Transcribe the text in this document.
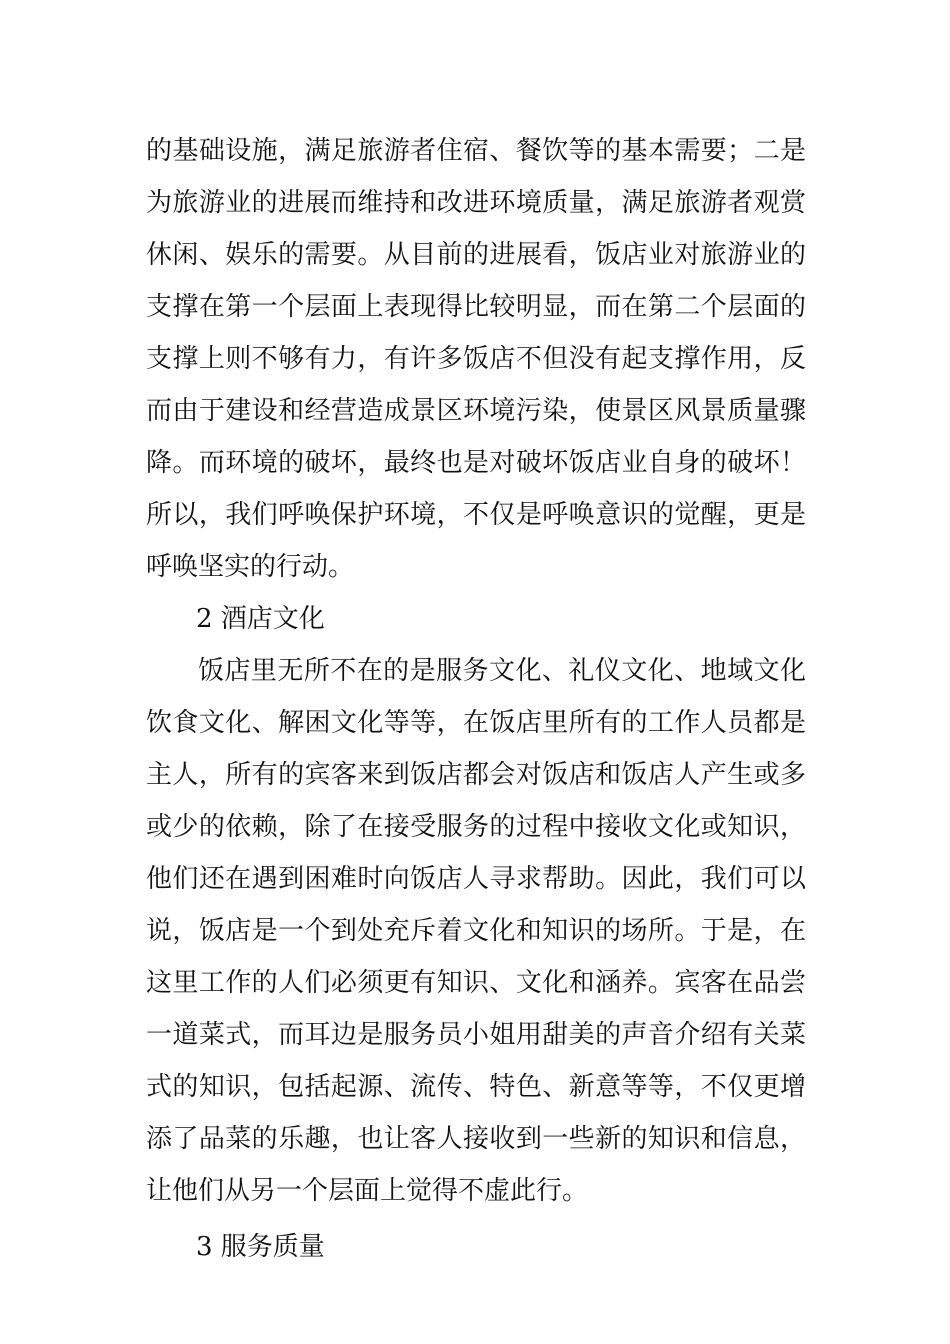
的基础设施，满足旅游者住宿、餐饮等的基本需要；二是
为旅游业的进展而维持和改进环境质量，满足旅游者观赏
休闲、娱乐的需要。从目前的进展看，饭店业对旅游业的
支撑在第一个层面上表现得比较明显，而在第二个层面的
支撑上则不够有力，有许多饭店不但没有起支撑作用，反
而由于建设和经营造成景区环境污染，使景区风景质量骤
降。而环境的破坏，最终也是对破坏饭店业自身的破坏！
所以，我们呼唤保护环境，不仅是呼唤意识的觉醒，更是
呼唤坚实的行动。
2 酒店文化
饭店里无所不在的是服务文化、礼仪文化、地域文化
饮食文化、解困文化等等，在饭店里所有的工作人员都是
主人，所有的宾客来到饭店都会对饭店和饭店人产生或多
或少的依赖，除了在接受服务的过程中接收文化或知识，
他们还在遇到困难时向饭店人寻求帮助。因此，我们可以
说，饭店是一个到处充斥着文化和知识的场所。于是，在
这里工作的人们必须更有知识、文化和涵养。宾客在品尝
一道菜式，而耳边是服务员小姐用甜美的声音介绍有关菜
式的知识，包括起源、流传、特色、新意等等，不仅更增
添了品菜的乐趣，也让客人接收到一些新的知识和信息，
让他们从另一个层面上觉得不虚此行。
3 服务质量
